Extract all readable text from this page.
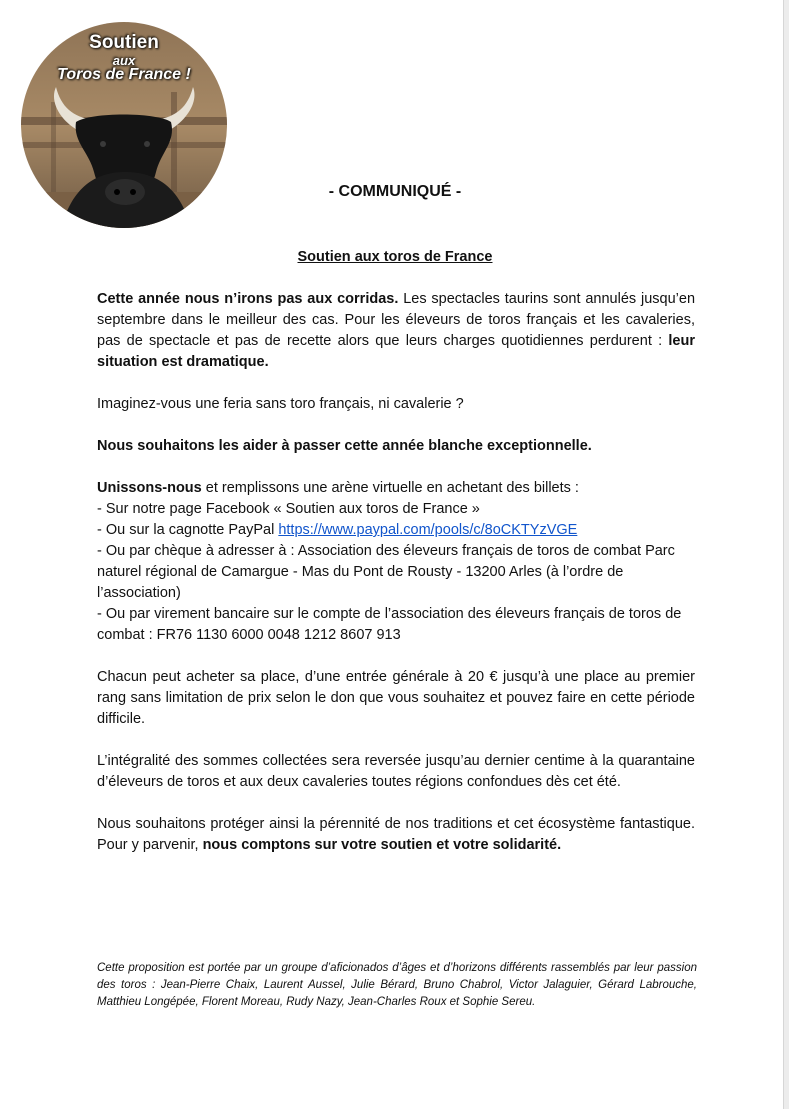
Soutien
aux
Toros de France !
- COMMUNIQUÉ -
Soutien aux toros de France

Cette année nous n’irons pas aux corridas. Les spectacles taurins sont annulés jusqu’en septembre dans le meilleur des cas. Pour les éleveurs de toros français et les cavaleries, pas de spectacle et pas de recette alors que leurs charges quotidiennes perdurent : leur situation est dramatique.

Imaginez-vous une feria sans toro français, ni cavalerie ?

Nous souhaitons les aider à passer cette année blanche exceptionnelle.

Unissons-nous et remplissons une arène virtuelle en achetant des billets :

- Sur notre page Facebook « Soutien aux toros de France »

- Ou sur la cagnotte PayPal https://www.paypal.com/pools/c/8oCKTYzVGE

- Ou par chèque à adresser à : Association des éleveurs français de toros de combat Parc naturel régional de Camargue - Mas du Pont de Rousty - 13200 Arles (à l’ordre de l’association)

- Ou par virement bancaire sur le compte de l’association des éleveurs français de toros de combat : FR76 1130 6000 0048 1212 8607 913

Chacun peut acheter sa place, d’une entrée générale à 20 € jusqu’à une place au premier rang sans limitation de prix selon le don que vous souhaitez et pouvez faire en cette période difficile.

L’intégralité des sommes collectées sera reversée jusqu’au dernier centime à la quarantaine d’éleveurs de toros et aux deux cavaleries toutes régions confondues dès cet été.

Nous souhaitons protéger ainsi la pérennité de nos traditions et cet écosystème fantastique. Pour y parvenir, nous comptons sur votre soutien et votre solidarité.

Cette proposition est portée par un groupe d’aficionados d’âges et d’horizons différents rassemblés par leur passion des toros : Jean-Pierre Chaix, Laurent Aussel, Julie Bérard, Bruno Chabrol, Victor Jalaguier, Gérard Labrouche, Matthieu Longépée, Florent Moreau, Rudy Nazy, Jean-Charles Roux et Sophie Sereu.
